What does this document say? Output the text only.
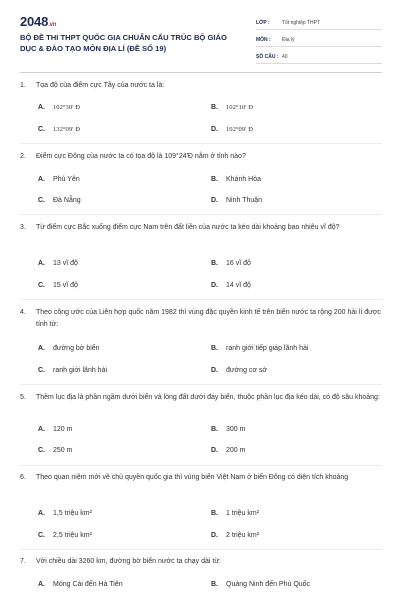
2048.vn
BỘ ĐỀ THI THPT QUỐC GIA CHUẨN CẤU TRÚC BỘ GIÁO DỤC & ĐÀO TẠO MÔN ĐỊA LÍ (ĐỀ SỐ 19)
LỚP :	Tốt nghiệp THPT
MÔN :	Địa lý
SỐ CÂU : 40
1.	Tọa độ của điểm cực Tây của nước ta là:
A.	102°30′ Đ	B.	102°10′ Đ
C.	132°09′ Đ	D.	102°09′ Đ
2.	Điểm cực Đông của nước ta có tọa độ là 109°24′Đ nằm ở tỉnh nào?
A.	Phú Yên	B.	Khánh Hòa
C.	Đà Nẵng	D.	Ninh Thuận
3.	Từ điểm cực Bắc xuống điểm cực Nam trên đất liền của nước ta kéo dài khoảng bao nhiêu vĩ độ?
A.	13 vĩ độ	B.	16 vĩ độ
C.	15 vĩ độ	D.	14 vĩ độ
4.	Theo công ước của Liên hợp quốc năm 1982 thì vùng đặc quyền kinh tế trên biển nước ta rộng 200 hải lí được tính từ:
A.	đường bờ biển	B.	ranh giới tiếp giáp lãnh hải
C.	ranh giới lãnh hải	D.	đường cơ sở
5.	Thềm lục địa là phần ngầm dưới biển và lòng đất dưới đáy biển, thuộc phần lục địa kéo dài, có độ sâu khoảng:
A.	120 m	B.	300 m
C.	250 m	D.	200 m
6.	Theo quan niệm mới về chủ quyền quốc gia thì vùng biển Việt Nam ở biển Đông có diện tích khoảng
A.	1,5 triệu km²	B.	1 triệu km²
C.	2,5 triệu km²	D.	2 triệu km²
7.	Với chiều dài 3260 km, đường bờ biển nước ta chạy dài từ:
A.	Móng Cái đến Hà Tiên	B.	Quảng Ninh đến Phú Quốc
